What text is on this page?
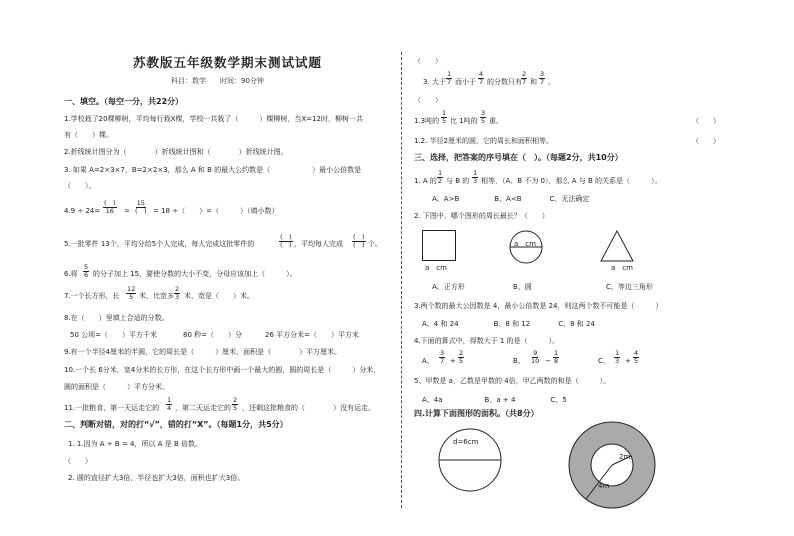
苏教版五年级数学期末测试试题
科目：数学　　时间：90分钟
一、填空。（每空一分，共22分）
1.学校栽了20棵柳树，平均每行栽X棵，学校一共栽了（　　　）棵柳树，当X=12时，柳树一共
有（　　）棵。
2.折线统计图分为（　　　　）折线统计图和（　　　　）折线统计图。
3. 如果 A=2×3×7，B=2×2×3，那么 A 和 B 的最大公约数是（　　　　　　）最小公倍数是
（　　）。
4.9 ÷ 24=
(　)
16 =
15
(　) = 18 ÷（　　）=（　　　）（填小数）
5.一批零件 13个，平均分给5个人完成，每人完成这批零件的
(　)
(　) ，平均每人完成
(　)
(　) 个。
6.将 $\frac{5}{6}$ 的分子加上 15，要使分数的大小不变，分母应该加上（　　　）。
7.一个长方形，长 $\frac{12}{5}$ 米，比宽多 $\frac{2}{3}$ 米，宽是（　　）米。
8.在（　　）里填上合适的分数。
50 公顷=（　　）平方千米	80 秒=（　　）分	26 平方分米=（　　）平方米
9.有一个半径4厘米的半圆，它的周长是（　　　）厘米，面积是（　　　　）平方厘米。
10.一个长 6分米，宽4分米的长方形，在这个长方形中画一个最大的圆，圆的周长是（　　　）分米，
圆的面积是（　　　）平方分米。
11.一批粮食，第一天运走它的 $\frac{1}{4}$ ，第二天运走它的 $\frac{2}{5}$ ，还剩这批粮食的（　　　　）没有运走。
二、判断对错，对的打“√”，错的打“X”。（每题1分，共5分）
1. 1.因为 A ÷ B = 4，所以 A 是 B 倍数。
（　　）
2. 圆的直径扩大3倍，半径也扩大3倍，面积也扩大3倍。
（　　）
3. 大于 $\frac{1}{7}$ 而小于 $\frac{4}{7}$ 的分数只有 $\frac{2}{7}$ 和 $\frac{3}{7}$ 。
（　　）
1.3吨的 $\frac{1}{5}$ 比 1吨的 $\frac{3}{5}$ 重。	（　　）
1.2. 半径2厘米的圆，它的周长和面积相等。	（　　）
三、选择，把答案的序号填在（　）。（每题2分，共10分）
1. A 的 $\frac{1}{2}$ 与 B 的 $\frac{1}{3}$ 相等，（A、B 不为 0），那么 A 与 B 的关系是（　　　）。
A、A>B　　　　　B、A<B　　　　C、无法确定
2. 下图中，哪个图形的周长最长？（　　）
a　cm
a　cm
a　cm
A、正方形	B、圆	C、等边三角形
3.两个数的最大公因数是 4，最小公倍数是 24，则这两个数不可能是（　　　）
A、4 和 24　　　　　B、8 和 12　　　　C、8 和 24
4.下面的算式中，得数大于 1 的是（　　　）。
A、 $\frac{3}{7} + \frac{2}{5}$	B、 $\frac{9}{10} - \frac{1}{8}$	C、 $\frac{1}{3} + \frac{4}{5}$
5、甲数是 a，乙数是甲数的 4倍，甲乙两数的和是（　　　）。
A、4a　　　　　　B、a + 4　　　　　C、5
四.计算下面图形的面积。（共8分）
d=6cm
2m
4m
